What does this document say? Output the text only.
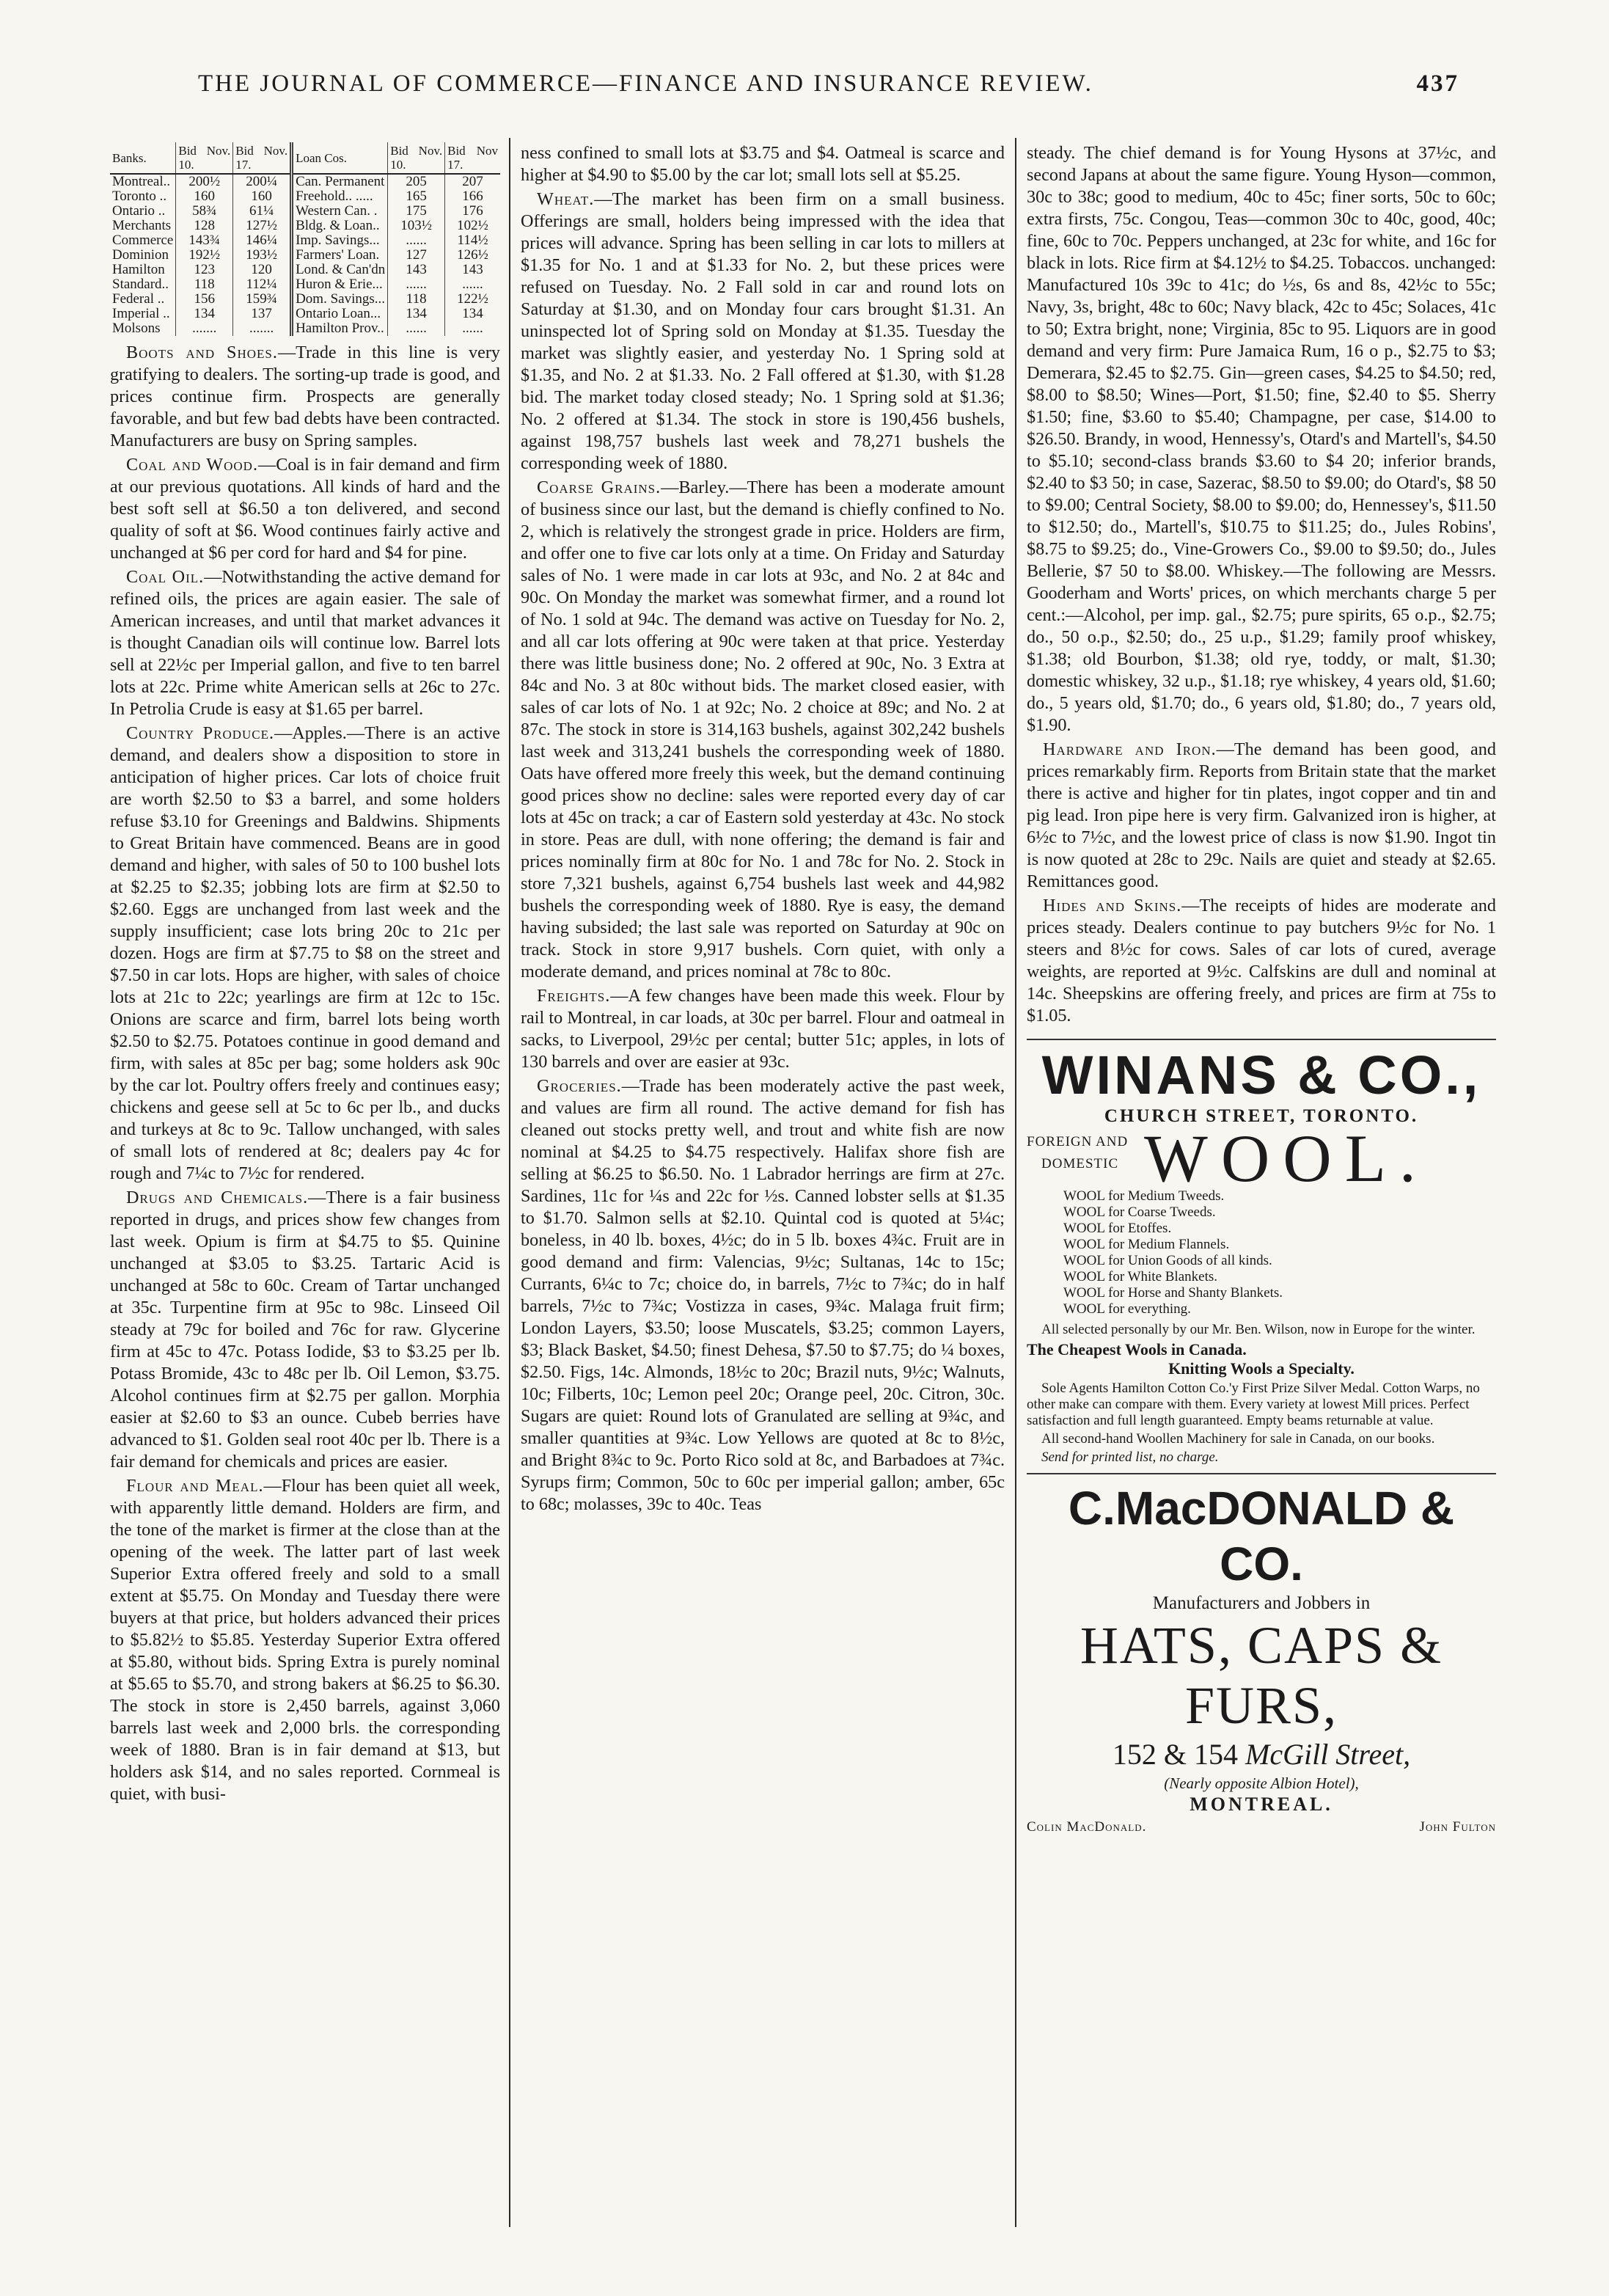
THE JOURNAL OF COMMERCE—FINANCE AND INSURANCE REVIEW.	437
Banks.	Bid Nov. 10.	Bid Nov. 17.	Loan Cos.	Bid Nov. 10.	Bid Nov 17.
Montreal..	200½	200¼	Can. Permanent	205	207
Toronto ..	160	160	Freehold.. .....	165	166
Ontario ..	58¾	61¼	Western Can. .	175	176
Merchants	128	127½	Bldg. & Loan..	103½	102½
Commerce	143¾	146¼	Imp. Savings...	......	114½
Dominion	192½	193½	Farmers' Loan.	127	126½
Hamilton	123	120	Lond. & Can'dn	143	143
Standard..	118	112¼	Huron & Erie...	......	......
Federal ..	156	159¾	Dom. Savings...	118	122½
Imperial ..	134	137	Ontario Loan...	134	134
Molsons	.......	.......	Hamilton Prov..	......	......

Boots and Shoes.—Trade in this line is very gratifying to dealers. The sorting-up trade is good, and prices continue firm. Prospects are generally favorable, and but few bad debts have been contracted. Manufacturers are busy on Spring samples.

Coal and Wood.—Coal is in fair demand and firm at our previous quotations. All kinds of hard and the best soft sell at $6.50 a ton delivered, and second quality of soft at $6. Wood continues fairly active and unchanged at $6 per cord for hard and $4 for pine.

Coal Oil.—Notwithstanding the active demand for refined oils, the prices are again easier. The sale of American increases, and until that market advances it is thought Canadian oils will continue low. Barrel lots sell at 22½c per Imperial gallon, and five to ten barrel lots at 22c. Prime white American sells at 26c to 27c. In Petrolia Crude is easy at $1.65 per barrel.

Country Produce.—Apples.—There is an active demand, and dealers show a disposition to store in anticipation of higher prices. Car lots of choice fruit are worth $2.50 to $3 a barrel, and some holders refuse $3.10 for Greenings and Baldwins. Shipments to Great Britain have commenced. Beans are in good demand and higher, with sales of 50 to 100 bushel lots at $2.25 to $2.35; jobbing lots are firm at $2.50 to $2.60. Eggs are unchanged from last week and the supply insufficient; case lots bring 20c to 21c per dozen. Hogs are firm at $7.75 to $8 on the street and $7.50 in car lots. Hops are higher, with sales of choice lots at 21c to 22c; yearlings are firm at 12c to 15c. Onions are scarce and firm, barrel lots being worth $2.50 to $2.75. Potatoes continue in good demand and firm, with sales at 85c per bag; some holders ask 90c by the car lot. Poultry offers freely and continues easy; chickens and geese sell at 5c to 6c per lb., and ducks and turkeys at 8c to 9c. Tallow unchanged, with sales of small lots of rendered at 8c; dealers pay 4c for rough and 7¼c to 7½c for rendered.

Drugs and Chemicals.—There is a fair business reported in drugs, and prices show few changes from last week. Opium is firm at $4.75 to $5. Quinine unchanged at $3.05 to $3.25. Tartaric Acid is unchanged at 58c to 60c. Cream of Tartar unchanged at 35c. Turpentine firm at 95c to 98c. Linseed Oil steady at 79c for boiled and 76c for raw. Glycerine firm at 45c to 47c. Potass Iodide, $3 to $3.25 per lb. Potass Bromide, 43c to 48c per lb. Oil Lemon, $3.75. Alcohol continues firm at $2.75 per gallon. Morphia easier at $2.60 to $3 an ounce. Cubeb berries have advanced to $1. Golden seal root 40c per lb. There is a fair demand for chemicals and prices are easier.

Flour and Meal.—Flour has been quiet all week, with apparently little demand. Holders are firm, and the tone of the market is firmer at the close than at the opening of the week. The latter part of last week Superior Extra offered freely and sold to a small extent at $5.75. On Monday and Tuesday there were buyers at that price, but holders advanced their prices to $5.82½ to $5.85. Yesterday Superior Extra offered at $5.80, without bids. Spring Extra is purely nominal at $5.65 to $5.70, and strong bakers at $6.25 to $6.30. The stock in store is 2,450 barrels, against 3,060 barrels last week and 2,000 brls. the corresponding week of 1880. Bran is in fair demand at $13, but holders ask $14, and no sales reported. Cornmeal is quiet, with busi-

ness confined to small lots at $3.75 and $4. Oatmeal is scarce and higher at $4.90 to $5.00 by the car lot; small lots sell at $5.25.

Wheat.—The market has been firm on a small business. Offerings are small, holders being impressed with the idea that prices will advance. Spring has been selling in car lots to millers at $1.35 for No. 1 and at $1.33 for No. 2, but these prices were refused on Tuesday. No. 2 Fall sold in car and round lots on Saturday at $1.30, and on Monday four cars brought $1.31. An uninspected lot of Spring sold on Monday at $1.35. Tuesday the market was slightly easier, and yesterday No. 1 Spring sold at $1.35, and No. 2 at $1.33. No. 2 Fall offered at $1.30, with $1.28 bid. The market today closed steady; No. 1 Spring sold at $1.36; No. 2 offered at $1.34. The stock in store is 190,456 bushels, against 198,757 bushels last week and 78,271 bushels the corresponding week of 1880.

Coarse Grains.—Barley.—There has been a moderate amount of business since our last, but the demand is chiefly confined to No. 2, which is relatively the strongest grade in price. Holders are firm, and offer one to five car lots only at a time. On Friday and Saturday sales of No. 1 were made in car lots at 93c, and No. 2 at 84c and 90c. On Monday the market was somewhat firmer, and a round lot of No. 1 sold at 94c. The demand was active on Tuesday for No. 2, and all car lots offering at 90c were taken at that price. Yesterday there was little business done; No. 2 offered at 90c, No. 3 Extra at 84c and No. 3 at 80c without bids. The market closed easier, with sales of car lots of No. 1 at 92c; No. 2 choice at 89c; and No. 2 at 87c. The stock in store is 314,163 bushels, against 302,242 bushels last week and 313,241 bushels the corresponding week of 1880. Oats have offered more freely this week, but the demand continuing good prices show no decline: sales were reported every day of car lots at 45c on track; a car of Eastern sold yesterday at 43c. No stock in store. Peas are dull, with none offering; the demand is fair and prices nominally firm at 80c for No. 1 and 78c for No. 2. Stock in store 7,321 bushels, against 6,754 bushels last week and 44,982 bushels the corresponding week of 1880. Rye is easy, the demand having subsided; the last sale was reported on Saturday at 90c on track. Stock in store 9,917 bushels. Corn quiet, with only a moderate demand, and prices nominal at 78c to 80c.

Freights.—A few changes have been made this week. Flour by rail to Montreal, in car loads, at 30c per barrel. Flour and oatmeal in sacks, to Liverpool, 29½c per cental; butter 51c; apples, in lots of 130 barrels and over are easier at 93c.

Groceries.—Trade has been moderately active the past week, and values are firm all round. The active demand for fish has cleaned out stocks pretty well, and trout and white fish are now nominal at $4.25 to $4.75 respectively. Halifax shore fish are selling at $6.25 to $6.50. No. 1 Labrador herrings are firm at 27c. Sardines, 11c for ¼s and 22c for ½s. Canned lobster sells at $1.35 to $1.70. Salmon sells at $2.10. Quintal cod is quoted at 5¼c; boneless, in 40 lb. boxes, 4½c; do in 5 lb. boxes 4¾c. Fruit are in good demand and firm: Valencias, 9½c; Sultanas, 14c to 15c; Currants, 6¼c to 7c; choice do, in barrels, 7½c to 7¾c; do in half barrels, 7½c to 7¾c; Vostizza in cases, 9¾c. Malaga fruit firm; London Layers, $3.50; loose Muscatels, $3.25; common Layers, $3; Black Basket, $4.50; finest Dehesa, $7.50 to $7.75; do ¼ boxes, $2.50. Figs, 14c. Almonds, 18½c to 20c; Brazil nuts, 9½c; Walnuts, 10c; Filberts, 10c; Lemon peel 20c; Orange peel, 20c. Citron, 30c. Sugars are quiet: Round lots of Granulated are selling at 9¾c, and smaller quantities at 9¾c. Low Yellows are quoted at 8c to 8½c, and Bright 8¾c to 9c. Porto Rico sold at 8c, and Barbadoes at 7¾c. Syrups firm; Common, 50c to 60c per imperial gallon; amber, 65c to 68c; molasses, 39c to 40c. Teas

steady. The chief demand is for Young Hysons at 37½c, and second Japans at about the same figure. Young Hyson—common, 30c to 38c; good to medium, 40c to 45c; finer sorts, 50c to 60c; extra firsts, 75c. Congou, Teas—common 30c to 40c, good, 40c; fine, 60c to 70c. Peppers unchanged, at 23c for white, and 16c for black in lots. Rice firm at $4.12½ to $4.25. Tobaccos. unchanged: Manufactured 10s 39c to 41c; do ½s, 6s and 8s, 42½c to 55c; Navy, 3s, bright, 48c to 60c; Navy black, 42c to 45c; Solaces, 41c to 50; Extra bright, none; Virginia, 85c to 95. Liquors are in good demand and very firm: Pure Jamaica Rum, 16 o p., $2.75 to $3; Demerara, $2.45 to $2.75. Gin—green cases, $4.25 to $4.50; red, $8.00 to $8.50; Wines—Port, $1.50; fine, $2.40 to $5. Sherry $1.50; fine, $3.60 to $5.40; Champagne, per case, $14.00 to $26.50. Brandy, in wood, Hennessy's, Otard's and Martell's, $4.50 to $5.10; second-class brands $3.60 to $4 20; inferior brands, $2.40 to $3 50; in case, Sazerac, $8.50 to $9.00; do Otard's, $8 50 to $9.00; Central Society, $8.00 to $9.00; do, Hennessey's, $11.50 to $12.50; do., Martell's, $10.75 to $11.25; do., Jules Robins', $8.75 to $9.25; do., Vine-Growers Co., $9.00 to $9.50; do., Jules Bellerie, $7 50 to $8.00. Whiskey.—The following are Messrs. Gooderham and Worts' prices, on which merchants charge 5 per cent.:—Alcohol, per imp. gal., $2.75; pure spirits, 65 o.p., $2.75; do., 50 o.p., $2.50; do., 25 u.p., $1.29; family proof whiskey, $1.38; old Bourbon, $1.38; old rye, toddy, or malt, $1.30; domestic whiskey, 32 u.p., $1.18; rye whiskey, 4 years old, $1.60; do., 5 years old, $1.70; do., 6 years old, $1.80; do., 7 years old, $1.90.

Hardware and Iron.—The demand has been good, and prices remarkably firm. Reports from Britain state that the market there is active and higher for tin plates, ingot copper and tin and pig lead. Iron pipe here is very firm. Galvanized iron is higher, at 6½c to 7½c, and the lowest price of class is now $1.90. Ingot tin is now quoted at 28c to 29c. Nails are quiet and steady at $2.65. Remittances good.

Hides and Skins.—The receipts of hides are moderate and prices steady. Dealers continue to pay butchers 9½c for No. 1 steers and 8½c for cows. Sales of car lots of cured, average weights, are reported at 9½c. Calfskins are dull and nominal at 14c. Sheepskins are offering freely, and prices are firm at 75s to $1.05.

WINANS & CO.,
CHURCH STREET, TORONTO.
FOREIGN AND
DOMESTIC WOOL.
WOOL for Medium Tweeds.
WOOL for Coarse Tweeds.
WOOL for Etoffes.
WOOL for Medium Flannels.
WOOL for Union Goods of all kinds.
WOOL for White Blankets.
WOOL for Horse and Shanty Blankets.
WOOL for everything.
All selected personally by our Mr. Ben. Wilson, now in Europe for the winter.
The Cheapest Wools in Canada.
Knitting Wools a Specialty.
Sole Agents Hamilton Cotton Co.'y First Prize Silver Medal. Cotton Warps, no other make can compare with them. Every variety at lowest Mill prices. Perfect satisfaction and full length guaranteed. Empty beams returnable at value.
All second-hand Woollen Machinery for sale in Canada, on our books.
Send for printed list, no charge.
C.MacDONALD & CO.
Manufacturers and Jobbers in
HATS, CAPS & FURS,
152 & 154 McGill Street,
(Nearly opposite Albion Hotel),
MONTREAL.
Colin MacDonald.	John Fulton
